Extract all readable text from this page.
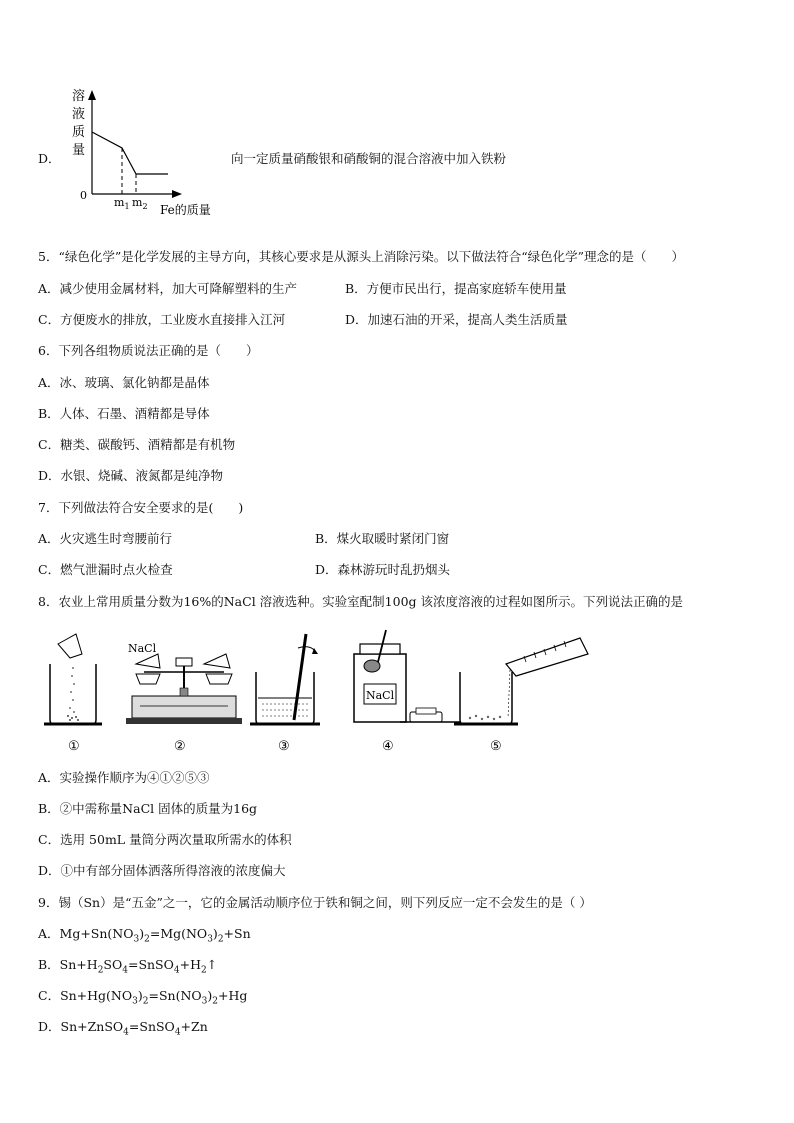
D．
溶
液
质
量
0
$m_1$ $m_2$ Fe的质量
向一定质量硝酸银和硝酸铜的混合溶液中加入铁粉
5．“绿色化学”是化学发展的主导方向，其核心要求是从源头上消除污染。以下做法符合“绿色化学”理念的是（　　）
A．减少使用金属材料，加大可降解塑料的生产	B．方便市民出行，提高家庭轿车使用量
C．方便废水的排放，工业废水直接排入江河	D．加速石油的开采，提高人类生活质量
6．下列各组物质说法正确的是（　　）
A．冰、玻璃、氯化钠都是晶体
B．人体、石墨、酒精都是导体
C．糖类、碳酸钙、酒精都是有机物
D．水银、烧碱、液氮都是纯净物
7．下列做法符合安全要求的是(　　)
A．火灾逃生时弯腰前行	B．煤火取暖时紧闭门窗
C．燃气泄漏时点火检查	D．森林游玩时乱扔烟头
8．农业上常用质量分数为16%的NaCl 溶液选种。实验室配制100g 该浓度溶液的过程如图所示。下列说法正确的是
NaCl
NaCl
①	②	③	④	⑤
A．实验操作顺序为④①②⑤③
B．②中需称量NaCl 固体的质量为16g
C．选用 50mL 量筒分两次量取所需水的体积
D．①中有部分固体洒落所得溶液的浓度偏大
9．锡（Sn）是“五金”之一，它的金属活动顺序位于铁和铜之间，则下列反应一定不会发生的是（ ）
A．$Mg+Sn(NO_3)_2=Mg(NO_3)_2+Sn$
B．$Sn+H_2SO_4=SnSO_4+H_2↑$
C．$Sn+Hg(NO_3)_2=Sn(NO_3)_2+Hg$
D．Sn+ZnSO$_4$=SnSO$_4$+Zn
